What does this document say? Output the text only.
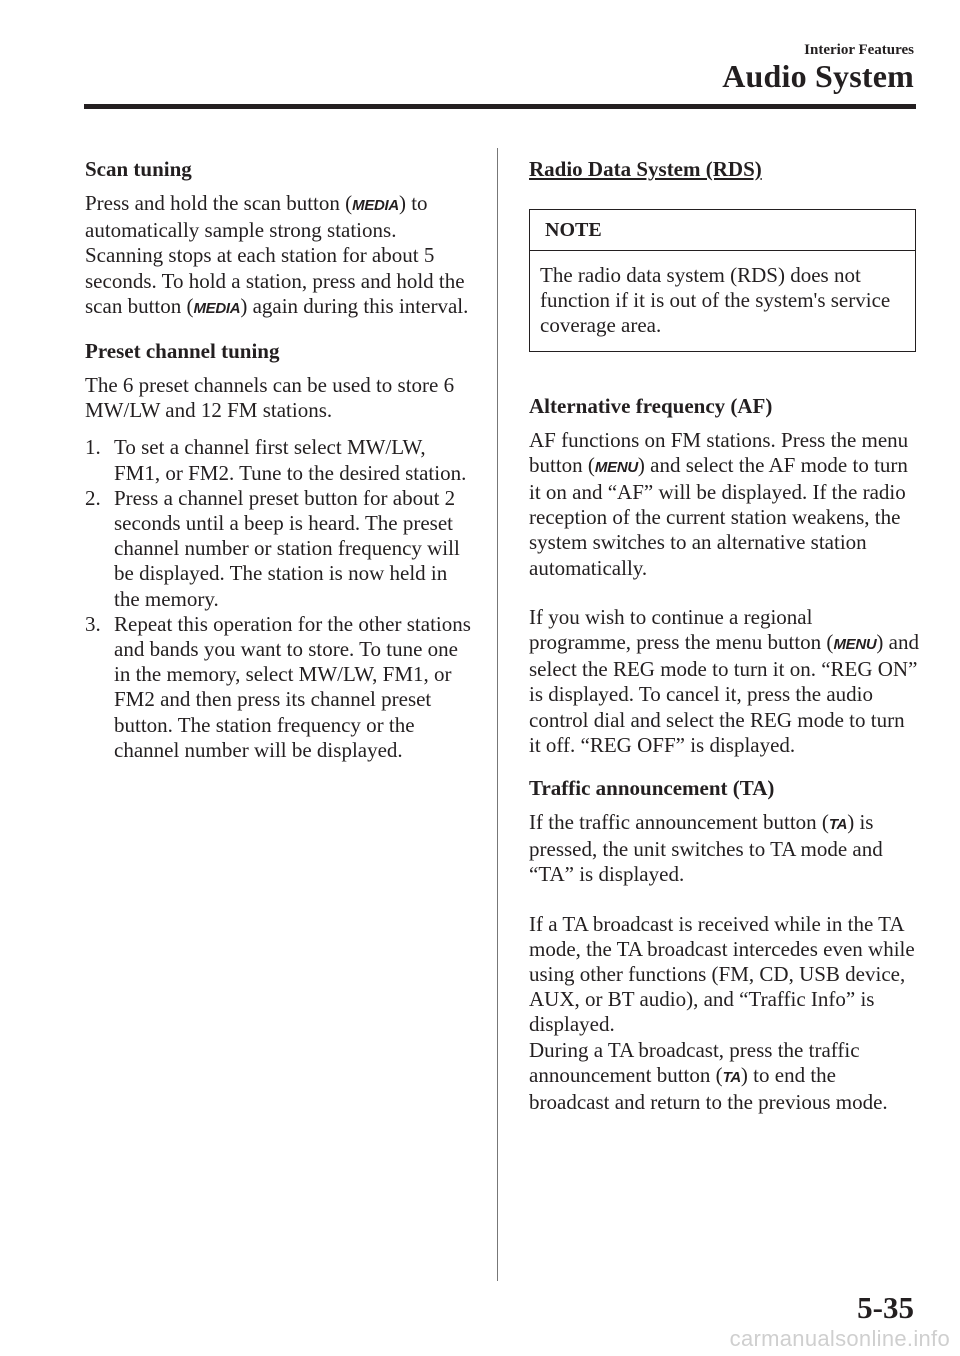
Interior Features
Audio System
Scan tuning

Press and hold the scan button (MEDIA) to automatically sample strong stations. Scanning stops at each station for about 5 seconds. To hold a station, press and hold the scan button (MEDIA) again during this interval.

Preset channel tuning

The 6 preset channels can be used to store 6 MW/LW and 12 FM stations.

1. To set a channel first select MW/LW, FM1, or FM2. Tune to the desired station.
2. Press a channel preset button for about 2 seconds until a beep is heard. The preset channel number or station frequency will be displayed. The station is now held in the memory.
3. Repeat this operation for the other stations and bands you want to store. To tune one in the memory, select MW/LW, FM1, or FM2 and then press its channel preset button. The station frequency or the channel number will be displayed.

Radio Data System (RDS)

NOTE
The radio data system (RDS) does not function if it is out of the system's service coverage area.
Alternative frequency (AF)

AF functions on FM stations. Press the menu button (MENU) and select the AF mode to turn it on and “AF” will be displayed. If the radio reception of the current station weakens, the system switches to an alternative station automatically.

If you wish to continue a regional programme, press the menu button (MENU) and select the REG mode to turn it on. “REG ON” is displayed. To cancel it, press the audio control dial and select the REG mode to turn it off. “REG OFF” is displayed.

Traffic announcement (TA)

If the traffic announcement button (TA) is pressed, the unit switches to TA mode and “TA” is displayed.

If a TA broadcast is received while in the TA mode, the TA broadcast intercedes even while using other functions (FM, CD, USB device, AUX, or BT audio), and “Traffic Info” is displayed.

During a TA broadcast, press the traffic announcement button (TA) to end the broadcast and return to the previous mode.

5-35
carmanualsonline.info
